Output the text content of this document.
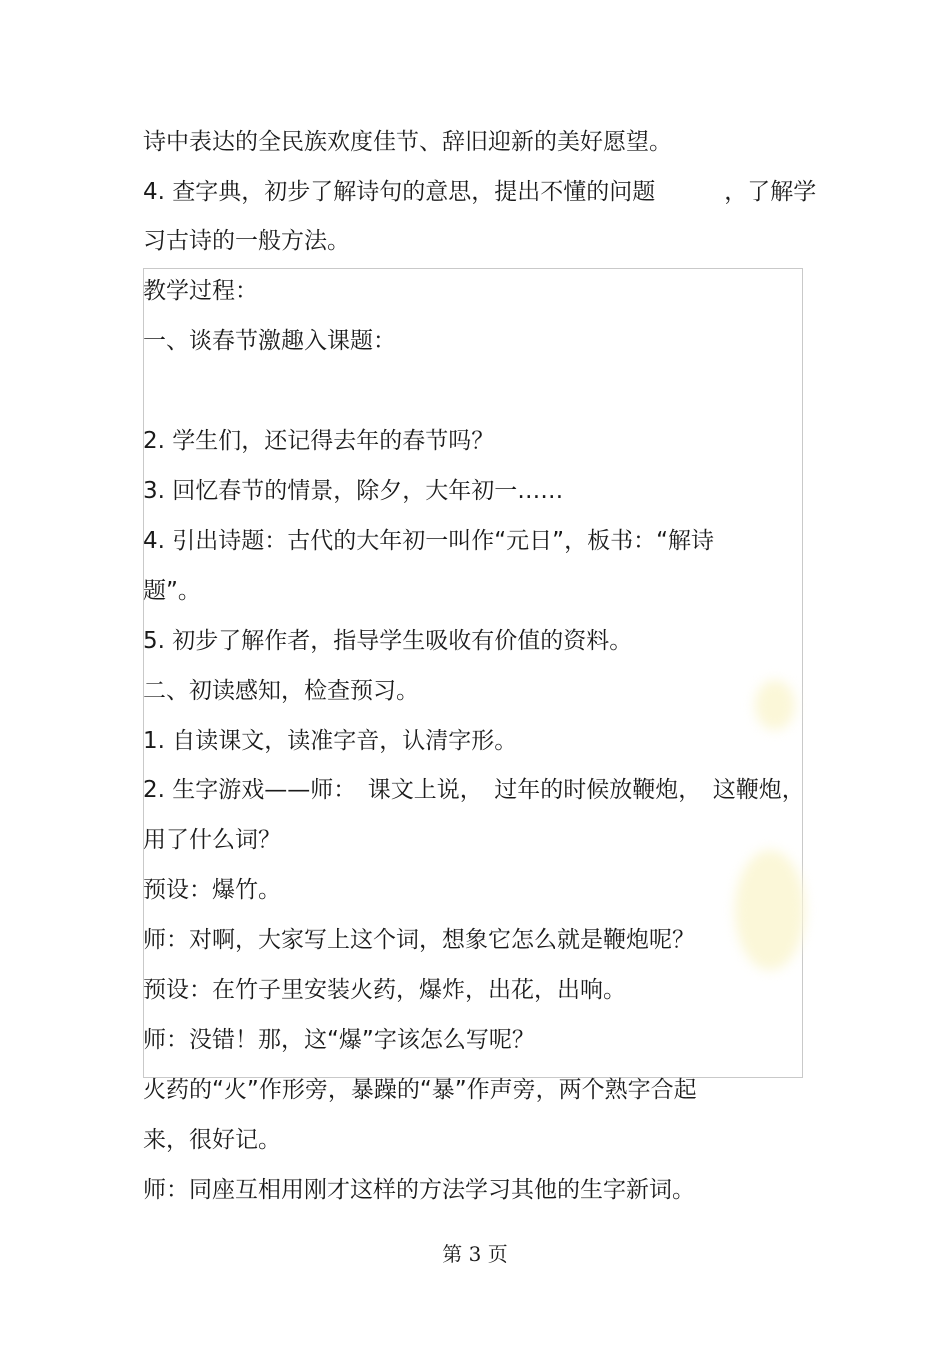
诗中表达的全民族欢度佳节、辞旧迎新的美好愿望。
4. 查字典，初步了解诗句的意思，提出不懂的问题　　　，了解学
习古诗的一般方法。
教学过程：
一、谈春节激趣入课题：
2. 学生们，还记得去年的春节吗？
3. 回忆春节的情景，除夕，大年初一……
4. 引出诗题：古代的大年初一叫作“元日”，板书：“解诗
题”。
5. 初步了解作者，指导学生吸收有价值的资料。
二、初读感知，检查预习。
1. 自读课文，读准字音，认清字形。
2. 生字游戏——师：　课文上说，　过年的时候放鞭炮，　这鞭炮，
用了什么词？
预设：爆竹。
师：对啊，大家写上这个词，想象它怎么就是鞭炮呢？
预设：在竹子里安装火药，爆炸，出花，出响。
师：没错！那，这“爆”字该怎么写呢？
火药的“火”作形旁，暴躁的“暴”作声旁，两个熟字合起
来，很好记。
师：同座互相用刚才这样的方法学习其他的生字新词。
第 3 页
